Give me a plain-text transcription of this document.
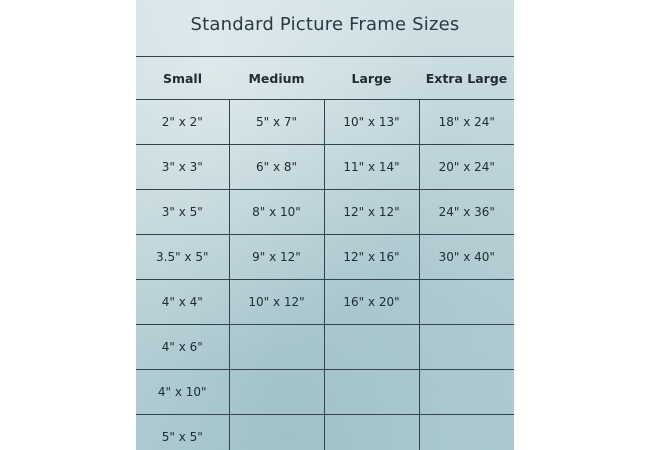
Standard Picture Frame Sizes
Small	Medium	Large	Extra Large
2" x 2"	5" x 7"	10" x 13"	18" x 24"
3" x 3"	6" x 8"	11" x 14"	20" x 24"
3" x 5"	8" x 10"	12" x 12"	24" x 36"
3.5" x 5"	9" x 12"	12" x 16"	30" x 40"
4" x 4"	10" x 12"	16" x 20"	
4" x 6"			
4" x 10"			
5" x 5"			
